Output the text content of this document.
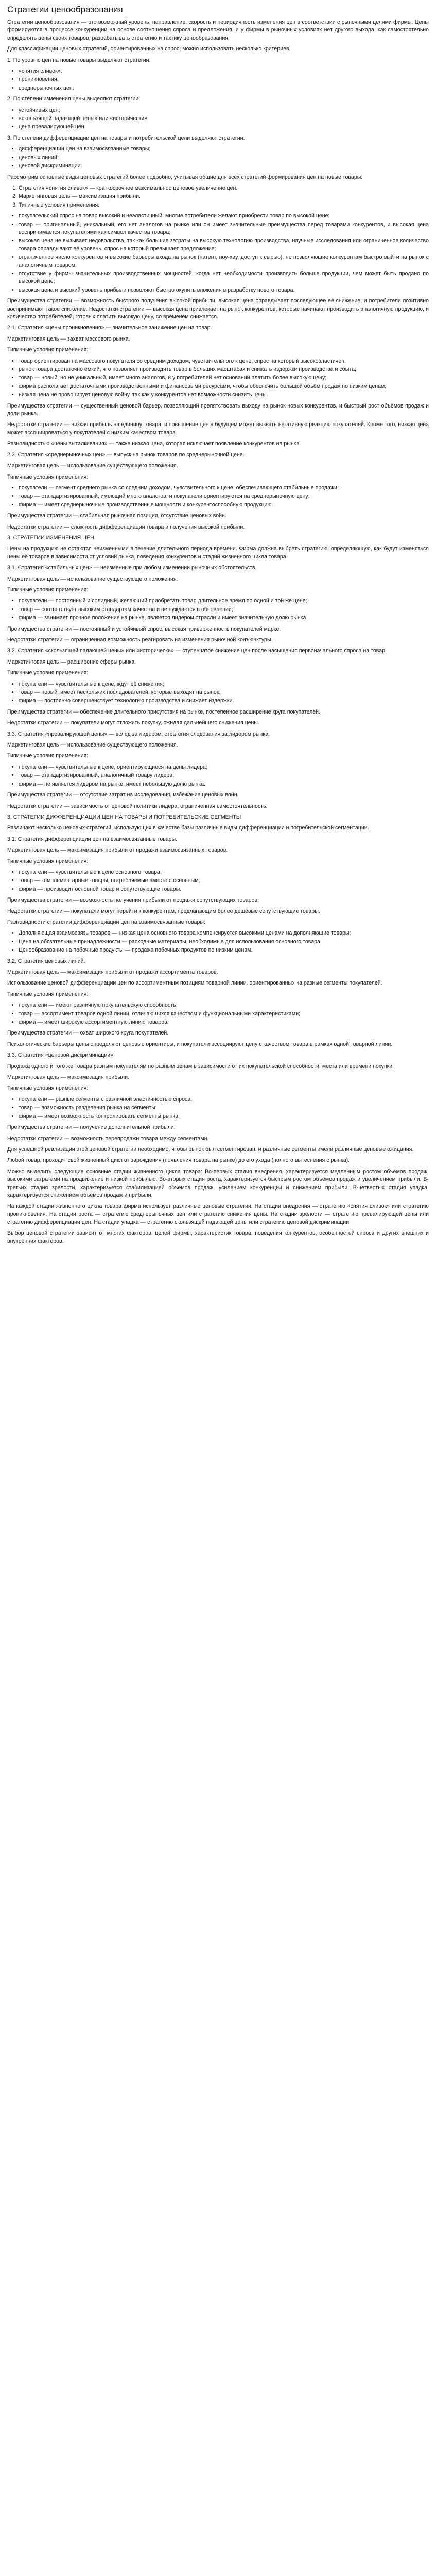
Стратегии ценообразования

Стратегии ценообразования — это возможный уровень, направление, скорость и периодичность изменения цен в соответствии с рыночными целями фирмы. Цены формируются в процессе конкуренции на основе соотношения спроса и предложения, и у фирмы в рыночных условиях нет другого выхода, как самостоятельно определять цены своих товаров, разрабатывать стратегию и тактику ценообразования.

Для классификации ценовых стратегий, ориентированных на спрос, можно использовать несколько критериев.

1. По уровню цен на новые товары выделяют стратегии:

• «снятия сливок»;
• проникновения;
• среднерыночных цен.

2. По степени изменения цены выделяют стратегии:

• устойчивых цен;
• «скользящей падающей цены» или «исторически»;
• цена превалирующей цен.

3. По степени дифференциации цен на товары и потребительской цели выделяют стратегии:

• дифференциации цен на взаимосвязанные товары;
• ценовых линий;
• ценовой дискриминации.

Рассмотрим основные виды ценовых стратегий более подробно, учитывая общие для всех стратегий формирования цен на новые товары:

1. Стратегия «снятия сливок» — краткосрочное максимальное ценовое увеличение цен.
2. Маркетинговая цель — максимизация прибыли.
3. Типичные условия применения:
• покупательский спрос на товар высокий и неэластичный, многие потребители желают приобрести товар по высокой цене;
• товар — оригинальный, уникальный, его нет аналогов на рынке или он имеет значительные преимущества перед товарами конкурентов, и высокая цена воспринимается покупателями как символ качества товара;
• высокая цена не вызывает недовольства, так как большие затраты на высокую технологию производства, научные исследования или ограниченное количество товара оправдывают её уровень, спрос на который превышает предложение;
• ограниченное число конкурентов и высокие барьеры входа на рынок (патент, ноу-хау, доступ к сырью), не позволяющие конкурентам быстро выйти на рынок с аналогичным товаром;
• отсутствие у фирмы значительных производственных мощностей, когда нет необходимости производить больше продукции, чем может быть продано по высокой цене;
• высокая цена и высокий уровень прибыли позволяют быстро окупить вложения в разработку нового товара.

Преимущества стратегии — возможность быстрого получения высокой прибыли, высокая цена оправдывает последующее её снижение, и потребители позитивно воспринимают такое снижение. Недостатки стратегии — высокая цена привлекает на рынок конкурентов, которые начинают производить аналогичную продукцию, и количество потребителей, готовых платить высокую цену, со временем снижается.

2.1. Стратегия «цены проникновения» — значительное занижение цен на товар.

Маркетинговая цель — захват массового рынка.

Типичные условия применения:

• товар ориентирован на массового покупателя со средним доходом, чувствительного к цене, спрос на который высокоэластичен;
• рынок товара достаточно ёмкий, что позволяет производить товар в больших масштабах и снижать издержки производства и сбыта;
• товар — новый, но не уникальный, имеет много аналогов, и у потребителей нет оснований платить более высокую цену;
• фирма располагает достаточными производственными и финансовыми ресурсами, чтобы обеспечить большой объём продаж по низким ценам;
• низкая цена не провоцирует ценовую войну, так как у конкурентов нет возможности снизить цены.

Преимущества стратегии — существенный ценовой барьер, позволяющий препятствовать выходу на рынок новых конкурентов, и быстрый рост объёмов продаж и доли рынка.

Недостатки стратегии — низкая прибыль на единицу товара, и повышение цен в будущем может вызвать негативную реакцию покупателей. Кроме того, низкая цена может ассоциироваться у покупателей с низким качеством товара.

Разновидностью «цены выталкивания» — также низкая цена, которая исключает появление конкурентов на рынке.

2.3. Стратегия «среднерыночных цен» — выпуск на рынок товаров по среднерыночной цене.

Маркетинговая цель — использование существующего положения.

Типичные условия применения:

• покупатели — сегмент среднего рынка со средним доходом, чувствительного к цене, обеспечивающего стабильные продажи;
• товар — стандартизированный, имеющий много аналогов, и покупатели ориентируются на среднерыночную цену;
• фирма — имеет среднерыночные производственные мощности и конкурентоспособную продукцию.

Преимущества стратегии — стабильная рыночная позиция, отсутствие ценовых войн.

Недостатки стратегии — сложность дифференциации товара и получения высокой прибыли.

3. СТРАТЕГИИ ИЗМЕНЕНИЯ ЦЕН

Цены на продукцию не остаются неизменными в течение длительного периода времени. Фирма должна выбрать стратегию, определяющую, как будут изменяться цены её товаров в зависимости от условий рынка, поведения конкурентов и стадий жизненного цикла товара.

3.1. Стратегия «стабильных цен» — неизменные при любом изменении рыночных обстоятельств.

Маркетинговая цель — использование существующего положения.

Типичные условия применения:

• покупатели — постоянный и солидный, желающий приобретать товар длительное время по одной и той же цене;
• товар — соответствует высоким стандартам качества и не нуждается в обновлении;
• фирма — занимает прочное положение на рынке, является лидером отрасли и имеет значительную долю рынка.

Преимущества стратегии — постоянный и устойчивый спрос, высокая приверженность покупателей марке.

Недостатки стратегии — ограниченная возможность реагировать на изменения рыночной конъюнктуры.

3.2. Стратегия «скользящей падающей цены» или «исторически» — ступенчатое снижение цен после насыщения первоначального спроса на товар.

Маркетинговая цель — расширение сферы рынка.

Типичные условия применения:

• покупатели — чувствительные к цене, ждут её снижения;
• товар — новый, имеет нескольких последователей, которые выходят на рынок;
• фирма — постоянно совершенствует технологию производства и снижает издержки.

Преимущества стратегии — обеспечение длительного присутствия на рынке, постепенное расширение круга покупателей.

Недостатки стратегии — покупатели могут отложить покупку, ожидая дальнейшего снижения цены.

3.3. Стратегия «превалирующей цены» — вслед за лидером, стратегия следования за лидером рынка.

Маркетинговая цель — использование существующего положения.

Типичные условия применения:

• покупатели — чувствительные к цене, ориентирующиеся на цены лидера;
• товар — стандартизированный, аналогичный товару лидера;
• фирма — не является лидером на рынке, имеет небольшую долю рынка.

Преимущества стратегии — отсутствие затрат на исследования, избежание ценовых войн.

Недостатки стратегии — зависимость от ценовой политики лидера, ограниченная самостоятельность.

3. СТРАТЕГИИ ДИФФЕРЕНЦИАЦИИ ЦЕН НА ТОВАРЫ И ПОТРЕБИТЕЛЬСКИЕ СЕГМЕНТЫ

Различают несколько ценовых стратегий, использующих в качестве базы различные виды дифференциации и потребительской сегментации.

3.1. Стратегия дифференциации цен на взаимосвязанные товары.

Маркетинговая цель — максимизация прибыли от продажи взаимосвязанных товаров.

Типичные условия применения:

• покупатели — чувствительные к цене основного товара;
• товар — комплементарные товары, потребляемые вместе с основным;
• фирма — производит основной товар и сопутствующие товары.

Преимущества стратегии — возможность получения прибыли от продажи сопутствующих товаров.

Недостатки стратегии — покупатели могут перейти к конкурентам, предлагающим более дешёвые сопутствующие товары.

Разновидности стратегии дифференциации цен на взаимосвязанные товары:

• Дополняющая взаимосвязь товаров — низкая цена основного товара компенсируется высокими ценами на дополняющие товары;
• Цена на обязательные принадлежности — расходные материалы, необходимые для использования основного товара;
• Ценообразование на побочные продукты — продажа побочных продуктов по низким ценам.

3.2. Стратегия ценовых линий.

Маркетинговая цель — максимизация прибыли от продажи ассортимента товаров.

Использование ценовой дифференциации цен по ассортиментным позициям товарной линии, ориентированных на разные сегменты покупателей.

Типичные условия применения:

• покупатели — имеют различную покупательскую способность;
• товар — ассортимент товаров одной линии, отличающихся качеством и функциональными характеристиками;
• фирма — имеет широкую ассортиментную линию товаров.

Преимущества стратегии — охват широкого круга покупателей.

Психологические барьеры цены определяют ценовые ориентиры, и покупатели ассоциируют цену с качеством товара в рамках одной товарной линии.

3.3. Стратегия «ценовой дискриминации».

Продажа одного и того же товара разным покупателям по разным ценам в зависимости от их покупательской способности, места или времени покупки.

Маркетинговая цель — максимизация прибыли.

Типичные условия применения:

• покупатели — разные сегменты с различной эластичностью спроса;
• товар — возможность разделения рынка на сегменты;
• фирма — имеет возможность контролировать сегменты рынка.

Преимущества стратегии — получение дополнительной прибыли.

Недостатки стратегии — возможность перепродажи товара между сегментами.

Для успешной реализации этой ценовой стратегии необходимо, чтобы рынок был сегментирован, и различные сегменты имели различные ценовые ожидания.

Любой товар, проходит свой жизненный цикл от зарождения (появления товара на рынке) до его ухода (полного вытеснения с рынка).

Можно выделить следующие основные стадии жизненного цикла товара: Во-первых стадия внедрения, характеризуется медленным ростом объёмов продаж, высокими затратами на продвижение и низкой прибылью. Во-вторых стадия роста, характеризуется быстрым ростом объёмов продаж и увеличением прибыли. В-третьих стадия зрелости, характеризуется стабилизацией объёмов продаж, усилением конкуренции и снижением прибыли. В-четвертых стадия упадка, характеризуется снижением объёмов продаж и прибыли.

На каждой стадии жизненного цикла товара фирма использует различные ценовые стратегии. На стадии внедрения — стратегию «снятия сливок» или стратегию проникновения. На стадии роста — стратегию среднерыночных цен или стратегию снижения цены. На стадии зрелости — стратегию превалирующей цены или стратегию дифференциации цен. На стадии упадка — стратегию скользящей падающей цены или стратегию ценовой дискриминации.

Выбор ценовой стратегии зависит от многих факторов: целей фирмы, характеристик товара, поведения конкурентов, особенностей спроса и других внешних и внутренних факторов.
